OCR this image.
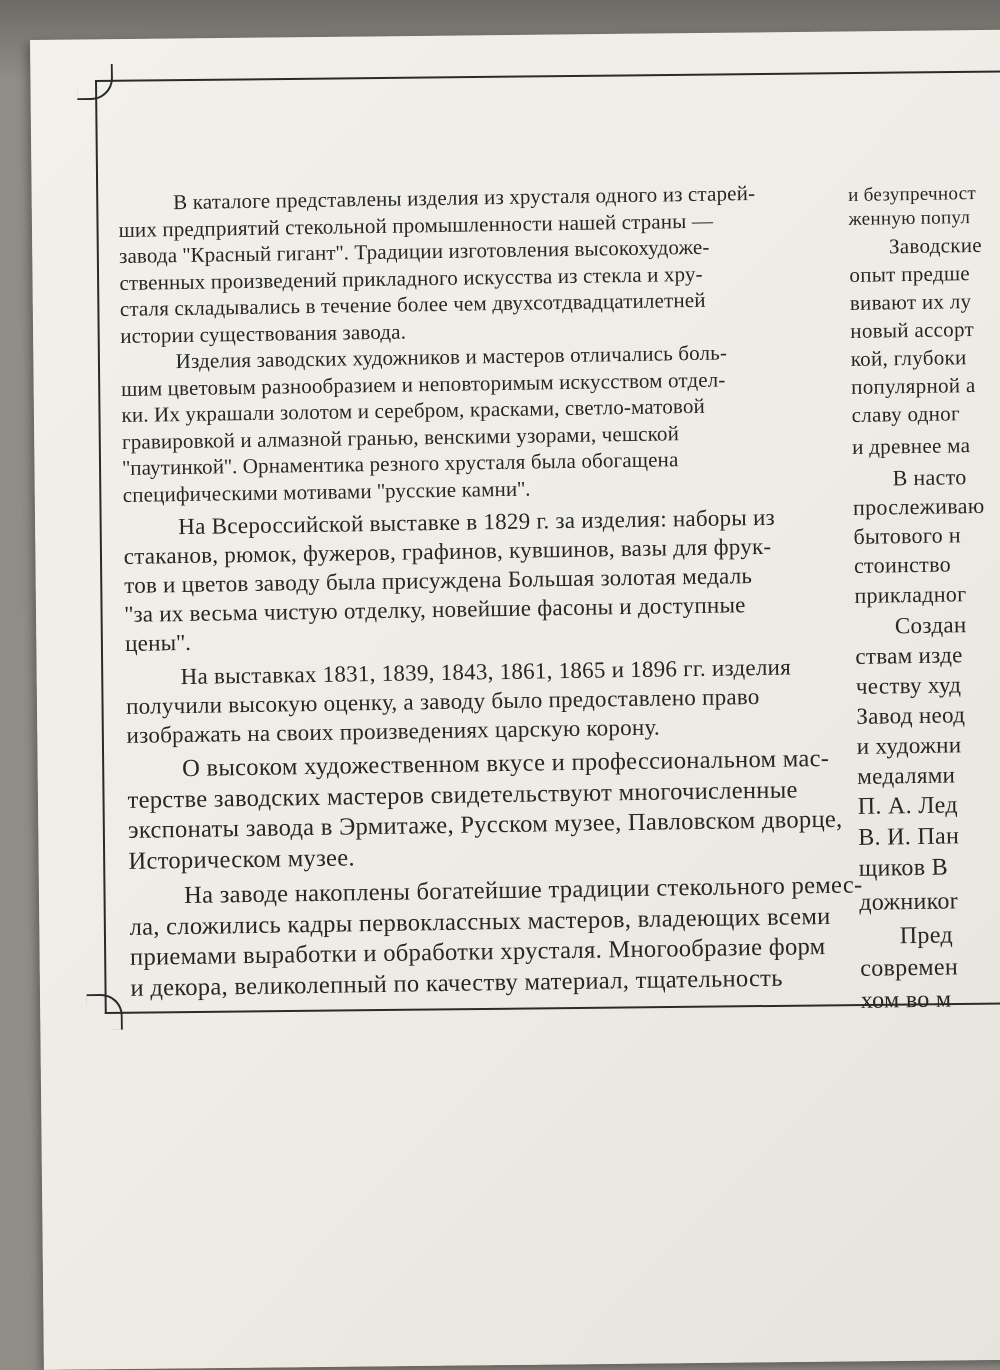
В каталоге представлены изделия из хрусталя одного из старей-

ших предприятий стекольной промышленности нашей страны —

завода ''Красный гигант''. Традиции изготовления высокохудоже-

ственных произведений прикладного искусства из стекла и хру-

сталя складывались в течение более чем двухсотдвадцатилетней

истории существования завода.

Изделия заводских художников и мастеров отличались боль-

шим цветовым разнообразием и неповторимым искусством отдел-

ки. Их украшали золотом и серебром, красками, светло-матовой

гравировкой и алмазной гранью, венскими узорами, чешской

''паутинкой''. Орнаментика резного хрусталя была обогащена

специфическими мотивами ''русские камни''.

На Всероссийской выставке в 1829 г. за изделия: наборы из

стаканов, рюмок, фужеров, графинов, кувшинов, вазы для фрук-

тов и цветов заводу была присуждена Большая золотая медаль

''за их весьма чистую отделку, новейшие фасоны и доступные

цены''.

На выставках 1831, 1839, 1843, 1861, 1865 и 1896 гг. изделия

получили высокую оценку, а заводу было предоставлено право

изображать на своих произведениях царскую корону.

О высоком художественном вкусе и профессиональном мас-

терстве заводских мастеров свидетельствуют многочисленные

экспонаты завода в Эрмитаже, Русском музее, Павловском дворце,

Историческом музее.

На заводе накоплены богатейшие традиции стекольного ремес-

ла, сложились кадры первоклассных мастеров, владеющих всеми

приемами выработки и обработки хрусталя. Многообразие форм

и декора, великолепный по качеству материал, тщательность

и безупречност

женную попул

Заводские

опыт предше

вивают их лу

новый ассорт

кой, глубоки

популярной а

славу одног

и древнее ма

В насто

прослеживаю

бытового н

стоинство

прикладног

Создан

ствам изде

честву худ

Завод неод

и художни

медалями

П. А. Лед

В. И. Пан

щиков В

дожникоr

Пред

современ

хом во м
